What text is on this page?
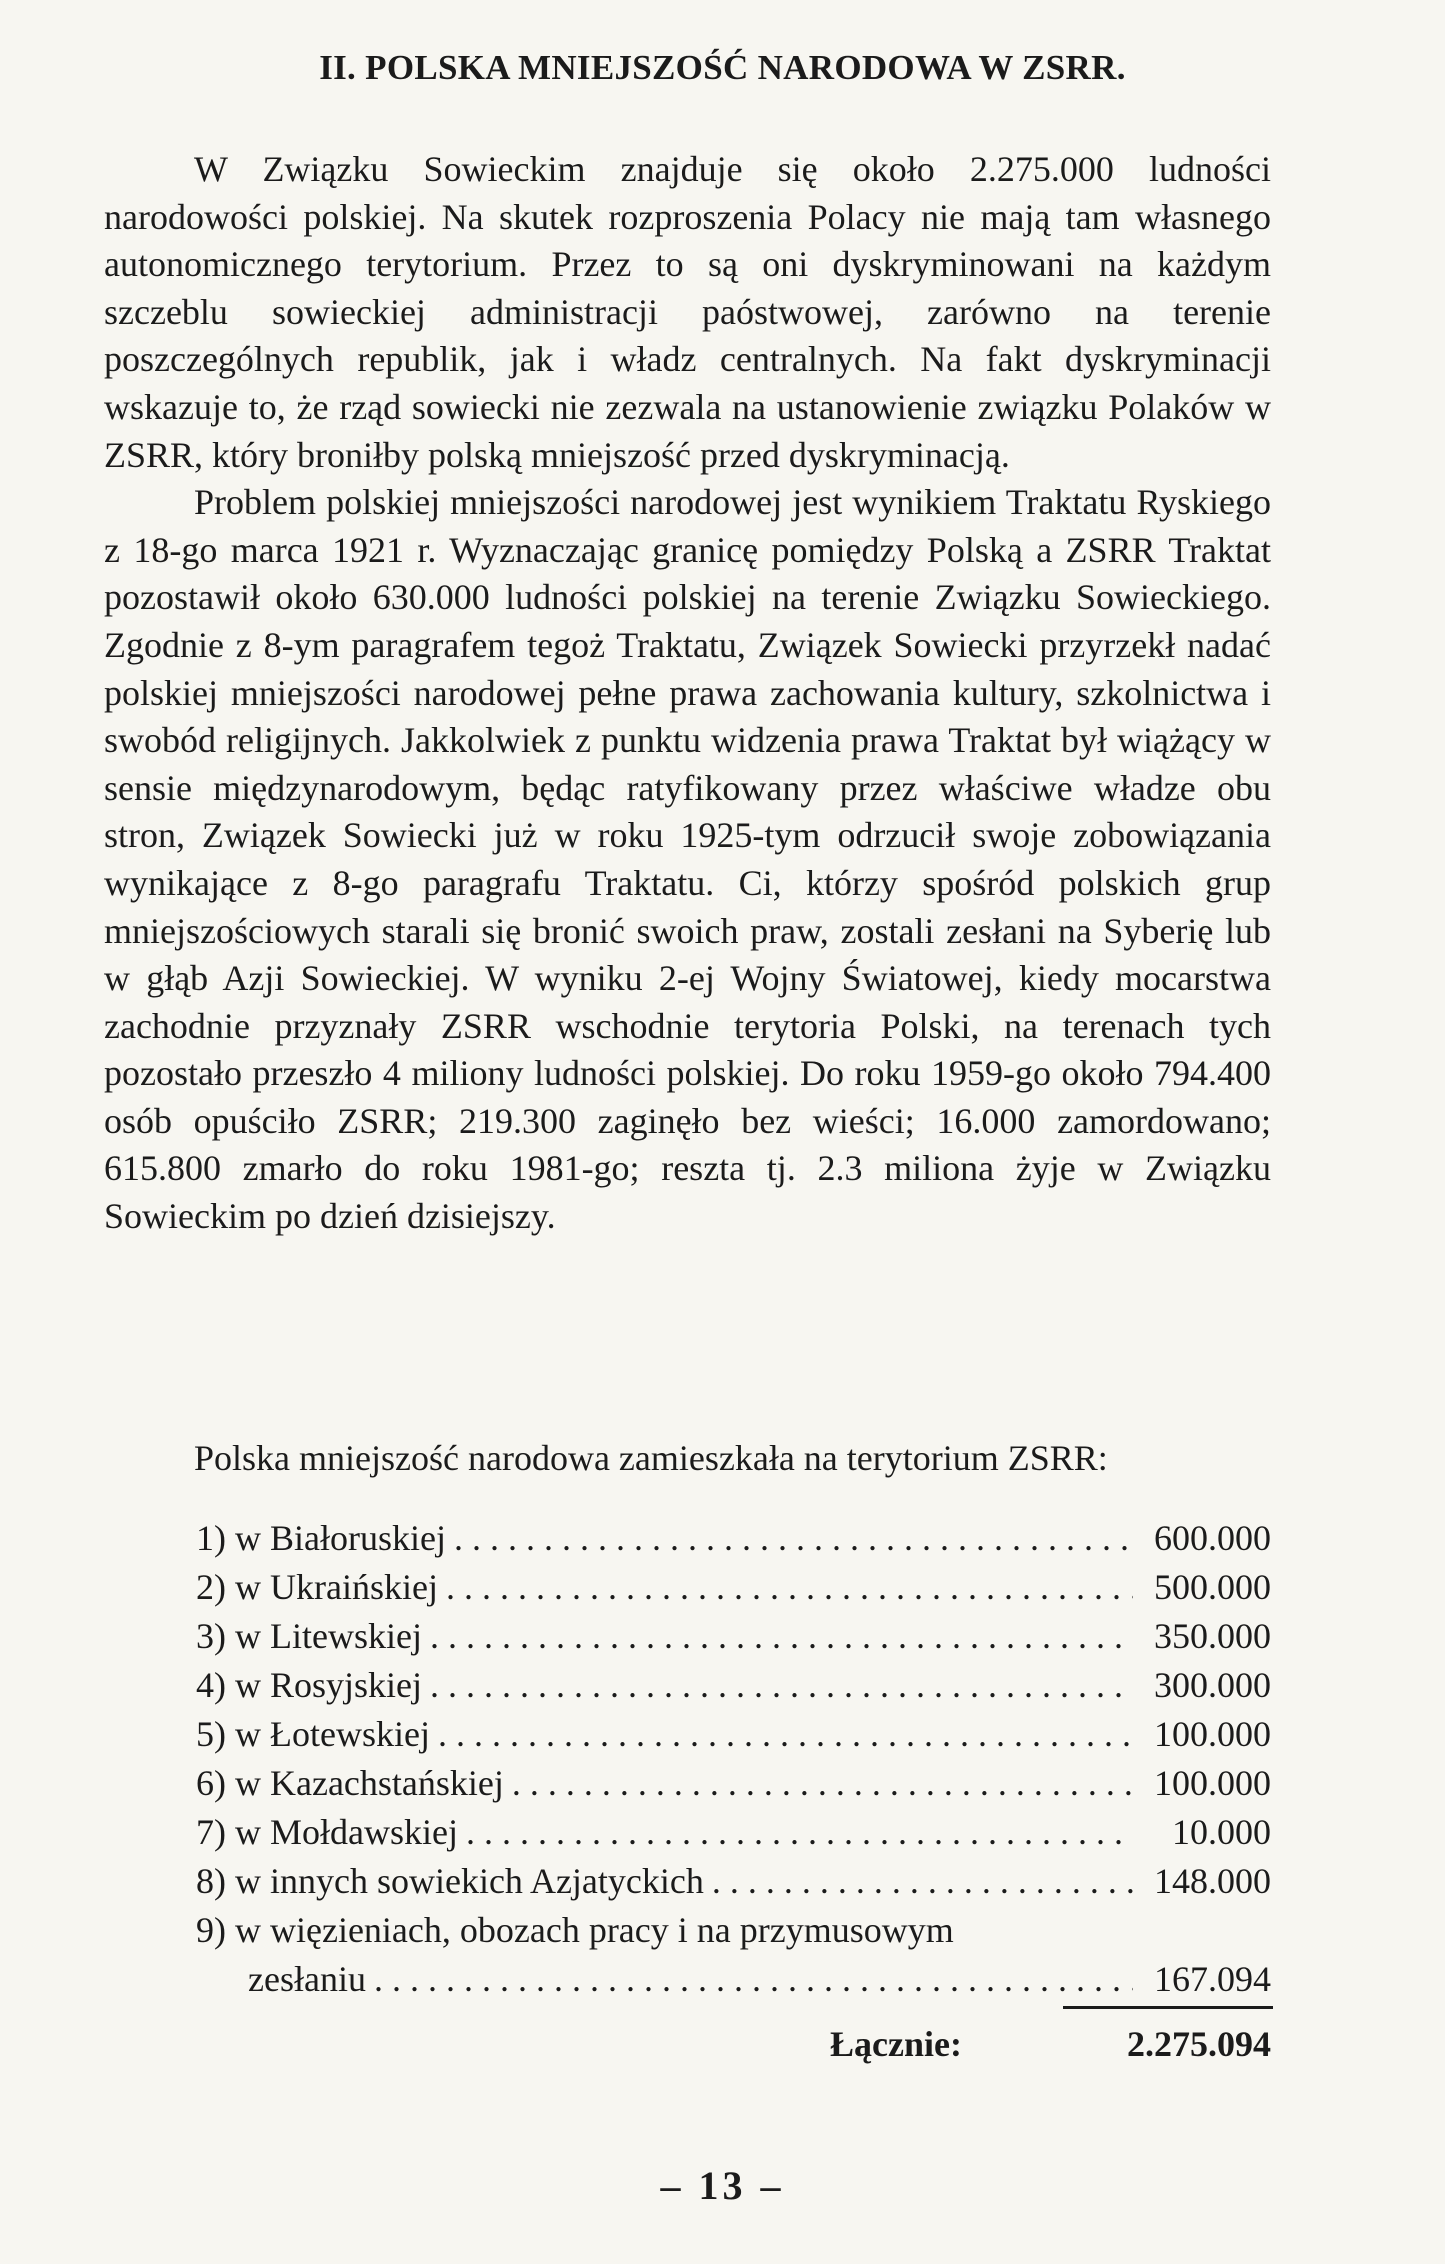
II. POLSKA MNIEJSZOŚĆ NARODOWA W ZSRR.

W Związku Sowieckim znajduje się około 2.275.000 ludności narodowości polskiej. Na skutek rozproszenia Polacy nie mają tam własnego autonomicznego terytorium. Przez to są oni dyskryminowani na każdym szczeblu sowieckiej administracji paóstwowej, zarówno na terenie poszczególnych republik, jak i władz centralnych. Na fakt dyskryminacji wskazuje to, że rząd sowiecki nie zezwala na ustanowienie związku Polaków w ZSRR, który broniłby polską mniejszość przed dyskryminacją.

Problem polskiej mniejszości narodowej jest wynikiem Traktatu Ryskiego z 18-go marca 1921 r. Wyznaczając granicę pomiędzy Polską a ZSRR Traktat pozostawił około 630.000 ludności polskiej na terenie Związku Sowieckiego. Zgodnie z 8-ym paragrafem tegoż Traktatu, Związek Sowiecki przyrzekł nadać polskiej mniejszości narodowej pełne prawa zachowania kultury, szkolnictwa i swobód religijnych. Jakkolwiek z punktu widzenia prawa Traktat był wiążący w sensie międzynarodowym, będąc ratyfikowany przez właściwe władze obu stron, Związek Sowiecki już w roku 1925-tym odrzucił swoje zobowiązania wynikające z 8-go paragrafu Traktatu. Ci, którzy spośród polskich grup mniejszościowych starali się bronić swoich praw, zostali zesłani na Syberię lub w głąb Azji Sowieckiej. W wyniku 2-ej Wojny Światowej, kiedy mocarstwa zachodnie przyznały ZSRR wschodnie terytoria Polski, na terenach tych pozostało przeszło 4 miliony ludności polskiej. Do roku 1959-go około 794.400 osób opuściło ZSRR; 219.300 zaginęło bez wieści; 16.000 zamordowano; 615.800 zmarło do roku 1981-go; reszta tj. 2.3 miliona żyje w Związku Sowieckim po dzień dzisiejszy.

Polska mniejszość narodowa zamieszkała na terytorium ZSRR:
1) w Białoruskiej . . .	600.000
2) w Ukraińskiej . . .	500.000
3) w Litewskiej . . .	350.000
4) w Rosyjskiej . . .	300.000
5) w Łotewskiej . . .	100.000
6) w Kazachstańskiej . . .	100.000
7) w Mołdawskiej . . .	10.000
8) w innych sowiekich Azjatyckich . . .	148.000
9) w więzieniach, obozach pracy i na przymusowym
zesłaniu . . .	167.094
Łącznie:	2.275.094
– 13 –
